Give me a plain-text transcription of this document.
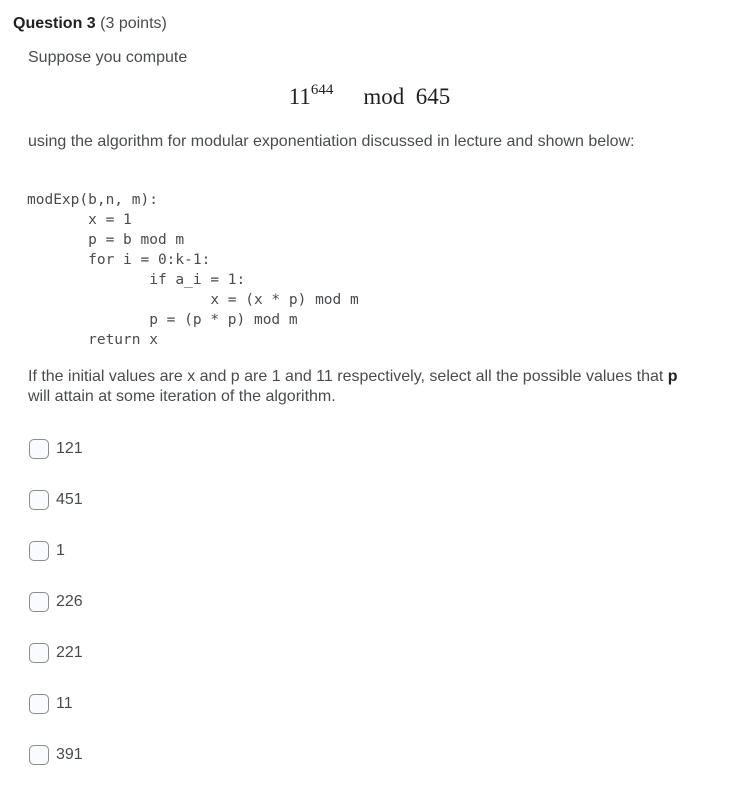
Question 3 (3 points)
Suppose you compute
$11^{644}$ mod 645
using the algorithm for modular exponentiation discussed in lecture and shown below:
modExp(b,n, m):
x = 1
p = b mod m
for i = 0:k-1:
if a_i = 1:
x = (x * p) mod m
p = (p * p) mod m
return x
If the initial values are x and p are 1 and 11 respectively, select all the possible values that p will attain at some iteration of the algorithm.
121
451
1
226
221
11
391
